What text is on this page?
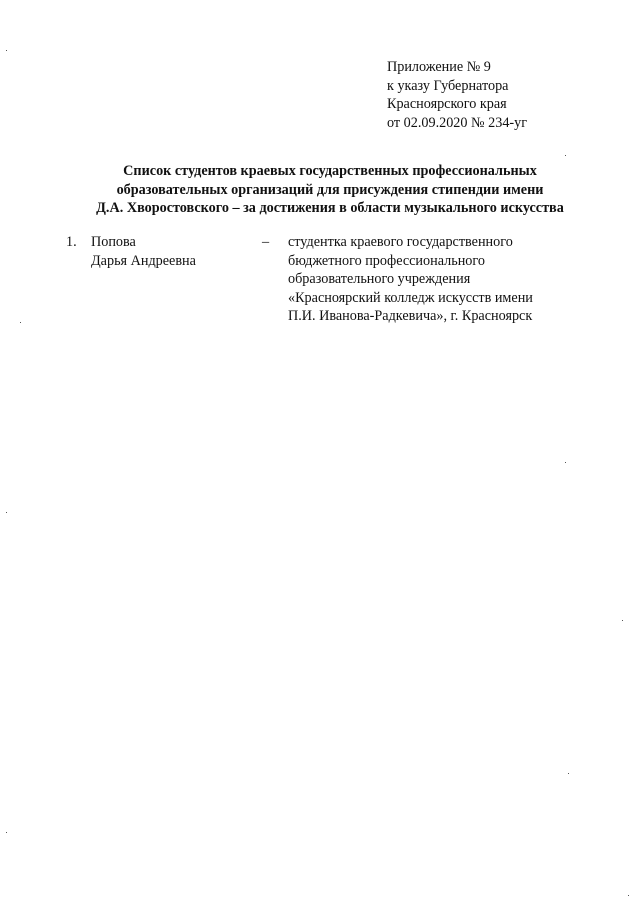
Приложение № 9
к указу Губернатора
Красноярского края
от 02.09.2020 № 234-уг
Список студентов краевых государственных профессиональных
образовательных организаций для присуждения стипендии имени
Д.А. Хворостовского – за достижения в области музыкального искусства
1. Попова
Дарья Андреевна
– студентка краевого государственного
бюджетного профессионального
образовательного учреждения
«Красноярский колледж искусств имени
П.И. Иванова-Радкевича», г. Красноярск
